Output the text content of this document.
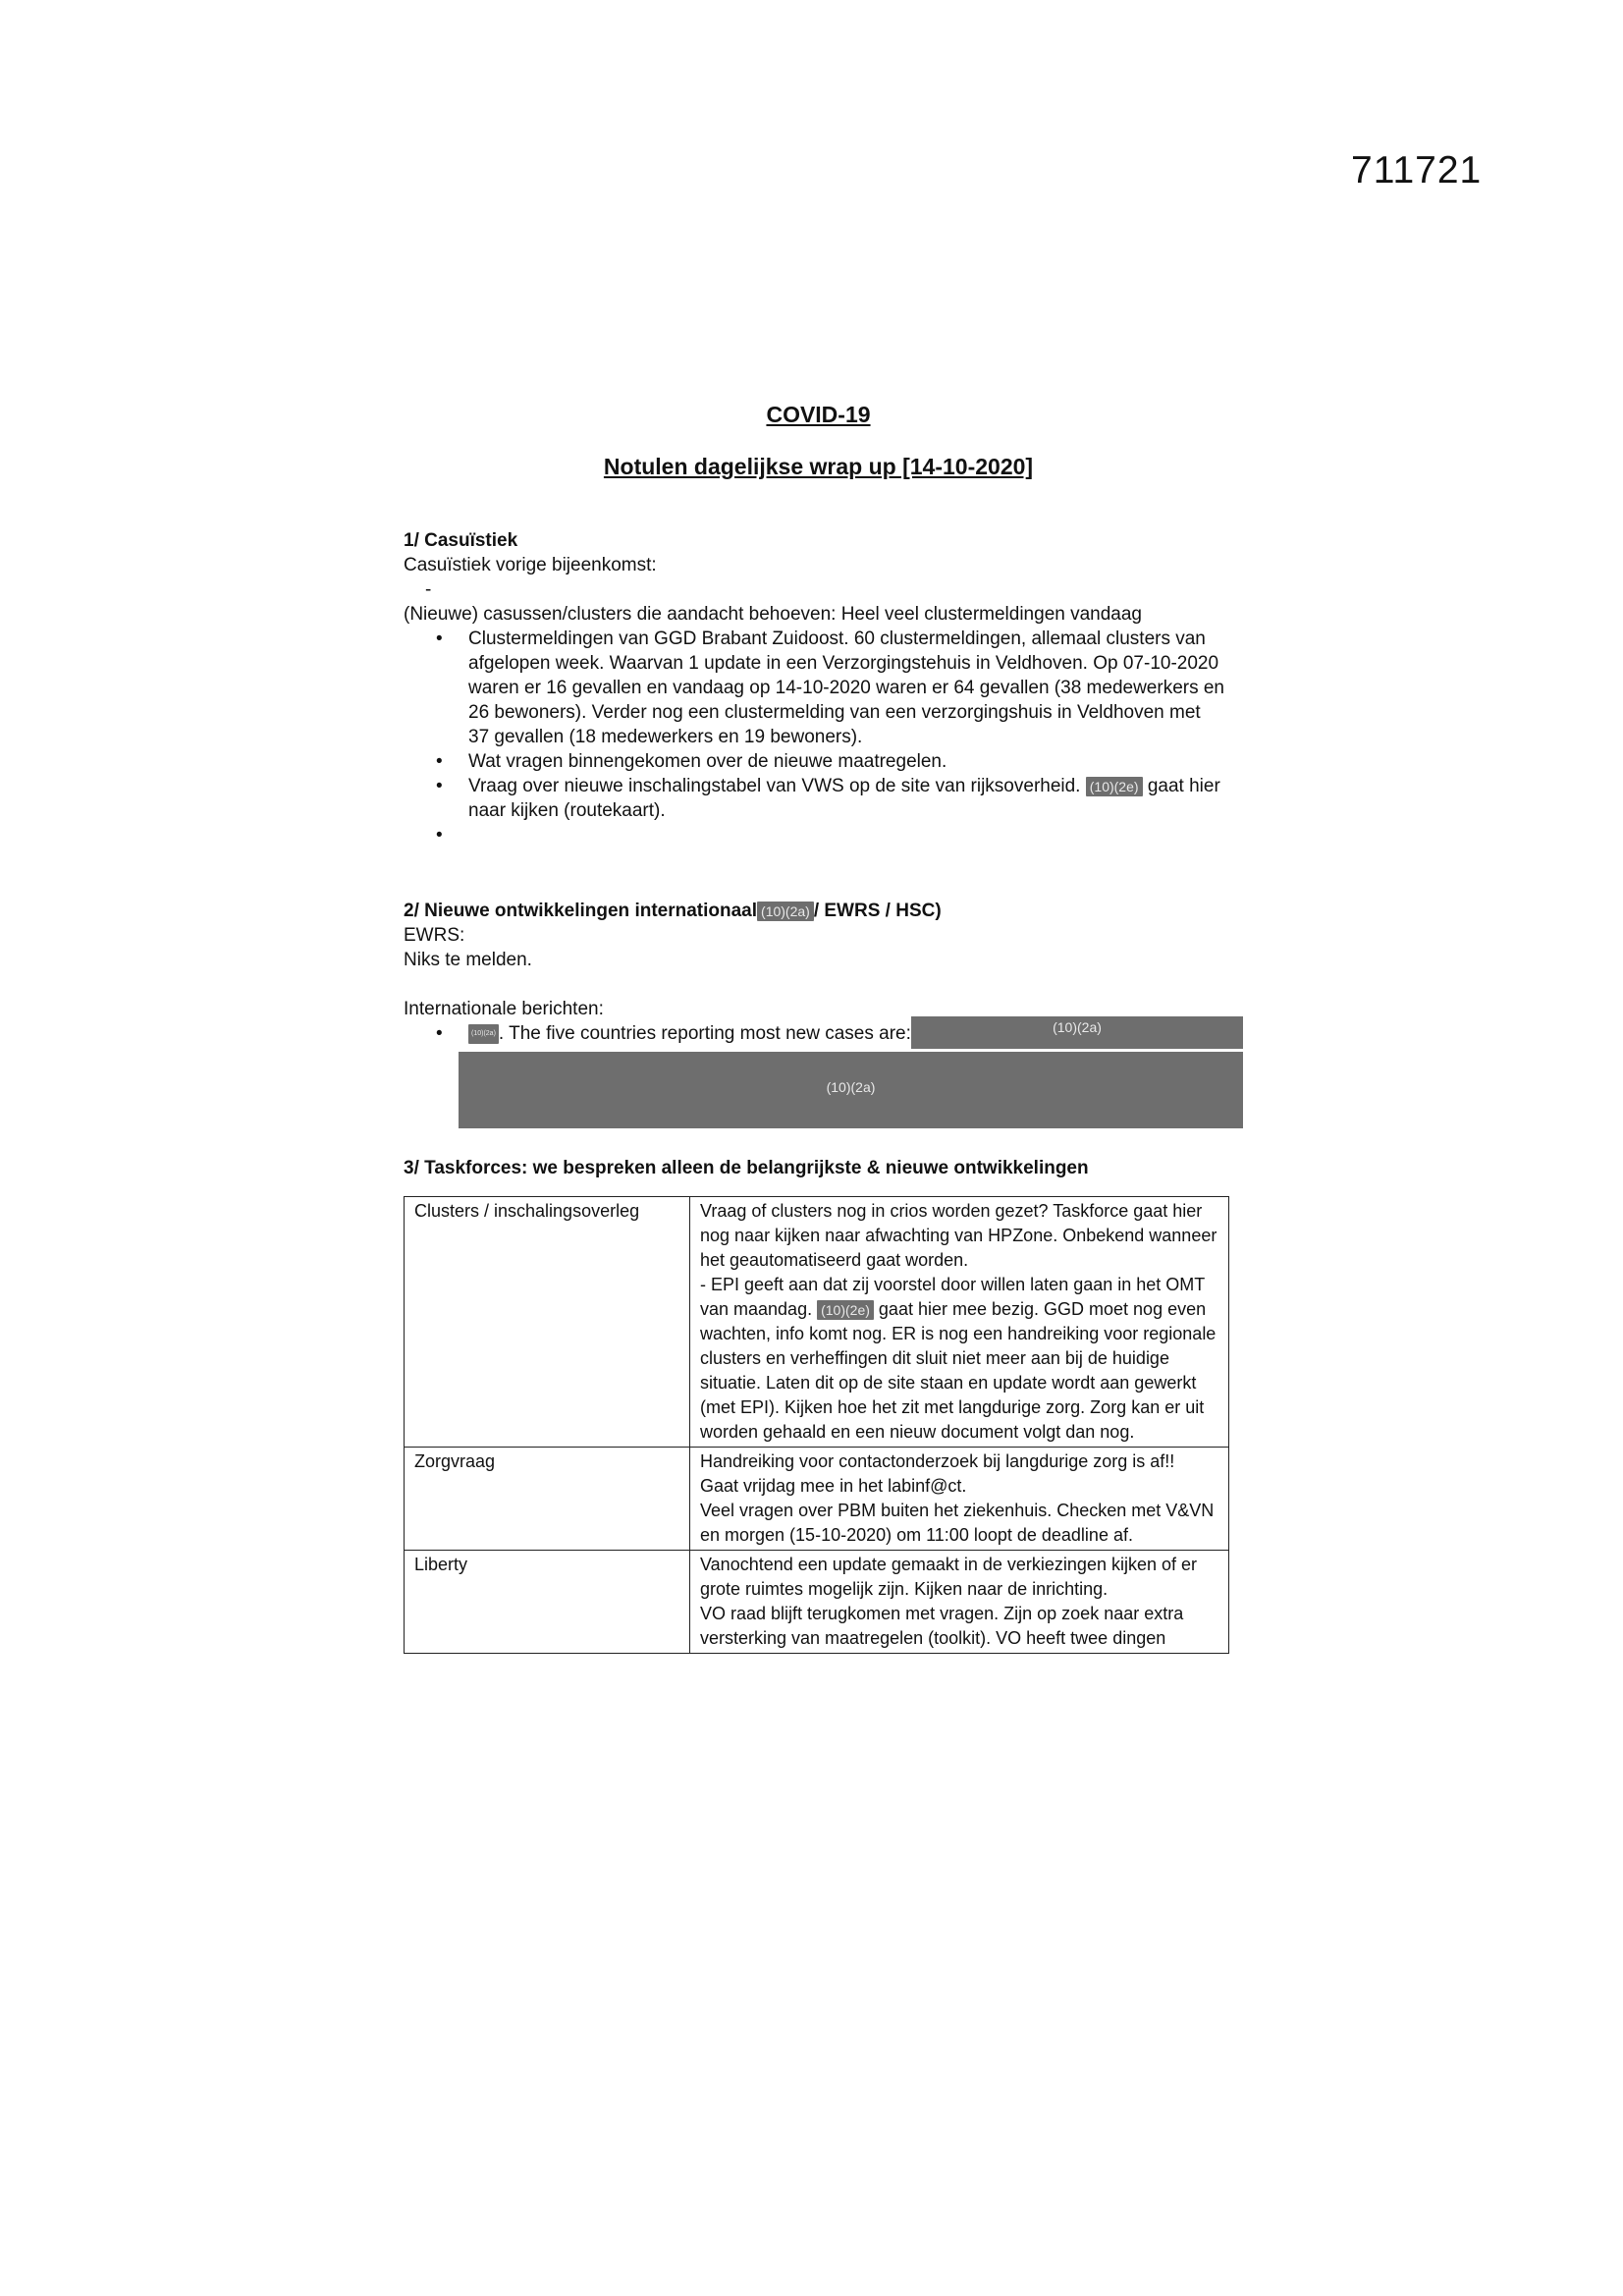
711721
COVID-19
Notulen dagelijkse wrap up [14-10-2020]
1/ Casuïstiek
Casuïstiek vorige bijeenkomst:
-
(Nieuwe) casussen/clusters die aandacht behoeven: Heel veel clustermeldingen vandaag
• Clustermeldingen van GGD Brabant Zuidoost. 60 clustermeldingen, allemaal clusters van afgelopen week. Waarvan 1 update in een Verzorgingstehuis in Veldhoven. Op 07-10-2020 waren er 16 gevallen en vandaag op 14-10-2020 waren er 64 gevallen (38 medewerkers en 26 bewoners). Verder nog een clustermelding van een verzorgingshuis in Veldhoven met 37 gevallen (18 medewerkers en 19 bewoners).
• Wat vragen binnengekomen over de nieuwe maatregelen.
• Vraag over nieuwe inschalingstabel van VWS op de site van rijksoverheid. (10)(2e) gaat hier naar kijken (routekaart).
•
2/ Nieuwe ontwikkelingen internationaal (10)(2a) / EWRS / HSC)
EWRS:
Niks te melden.
Internationale berichten:
• (10)(2a) . The five countries reporting most new cases are:	(10)(2a)
(10)(2a)
3/ Taskforces: we bespreken alleen de belangrijkste & nieuwe ontwikkelingen
Clusters / inschalingsoverleg	Vraag of clusters nog in crios worden gezet? Taskforce gaat hier nog naar kijken naar afwachting van HPZone. Onbekend wanneer het geautomatiseerd gaat worden.
- EPI geeft aan dat zij voorstel door willen laten gaan in het OMT van maandag. (10)(2e) gaat hier mee bezig. GGD moet nog even wachten, info komt nog. ER is nog een handreiking voor regionale clusters en verheffingen dit sluit niet meer aan bij de huidige situatie. Laten dit op de site staan en update wordt aan gewerkt (met EPI). Kijken hoe het zit met langdurige zorg. Zorg kan er uit worden gehaald en een nieuw document volgt dan nog.

Zorgvraag	Handreiking voor contactonderzoek bij langdurige zorg is af!!
Gaat vrijdag mee in het labinf@ct.
Veel vragen over PBM buiten het ziekenhuis. Checken met V&VN en morgen (15-10-2020) om 11:00 loopt de deadline af.

Liberty	Vanochtend een update gemaakt in de verkiezingen kijken of er grote ruimtes mogelijk zijn. Kijken naar de inrichting.
VO raad blijft terugkomen met vragen. Zijn op zoek naar extra versterking van maatregelen (toolkit). VO heeft twee dingen
